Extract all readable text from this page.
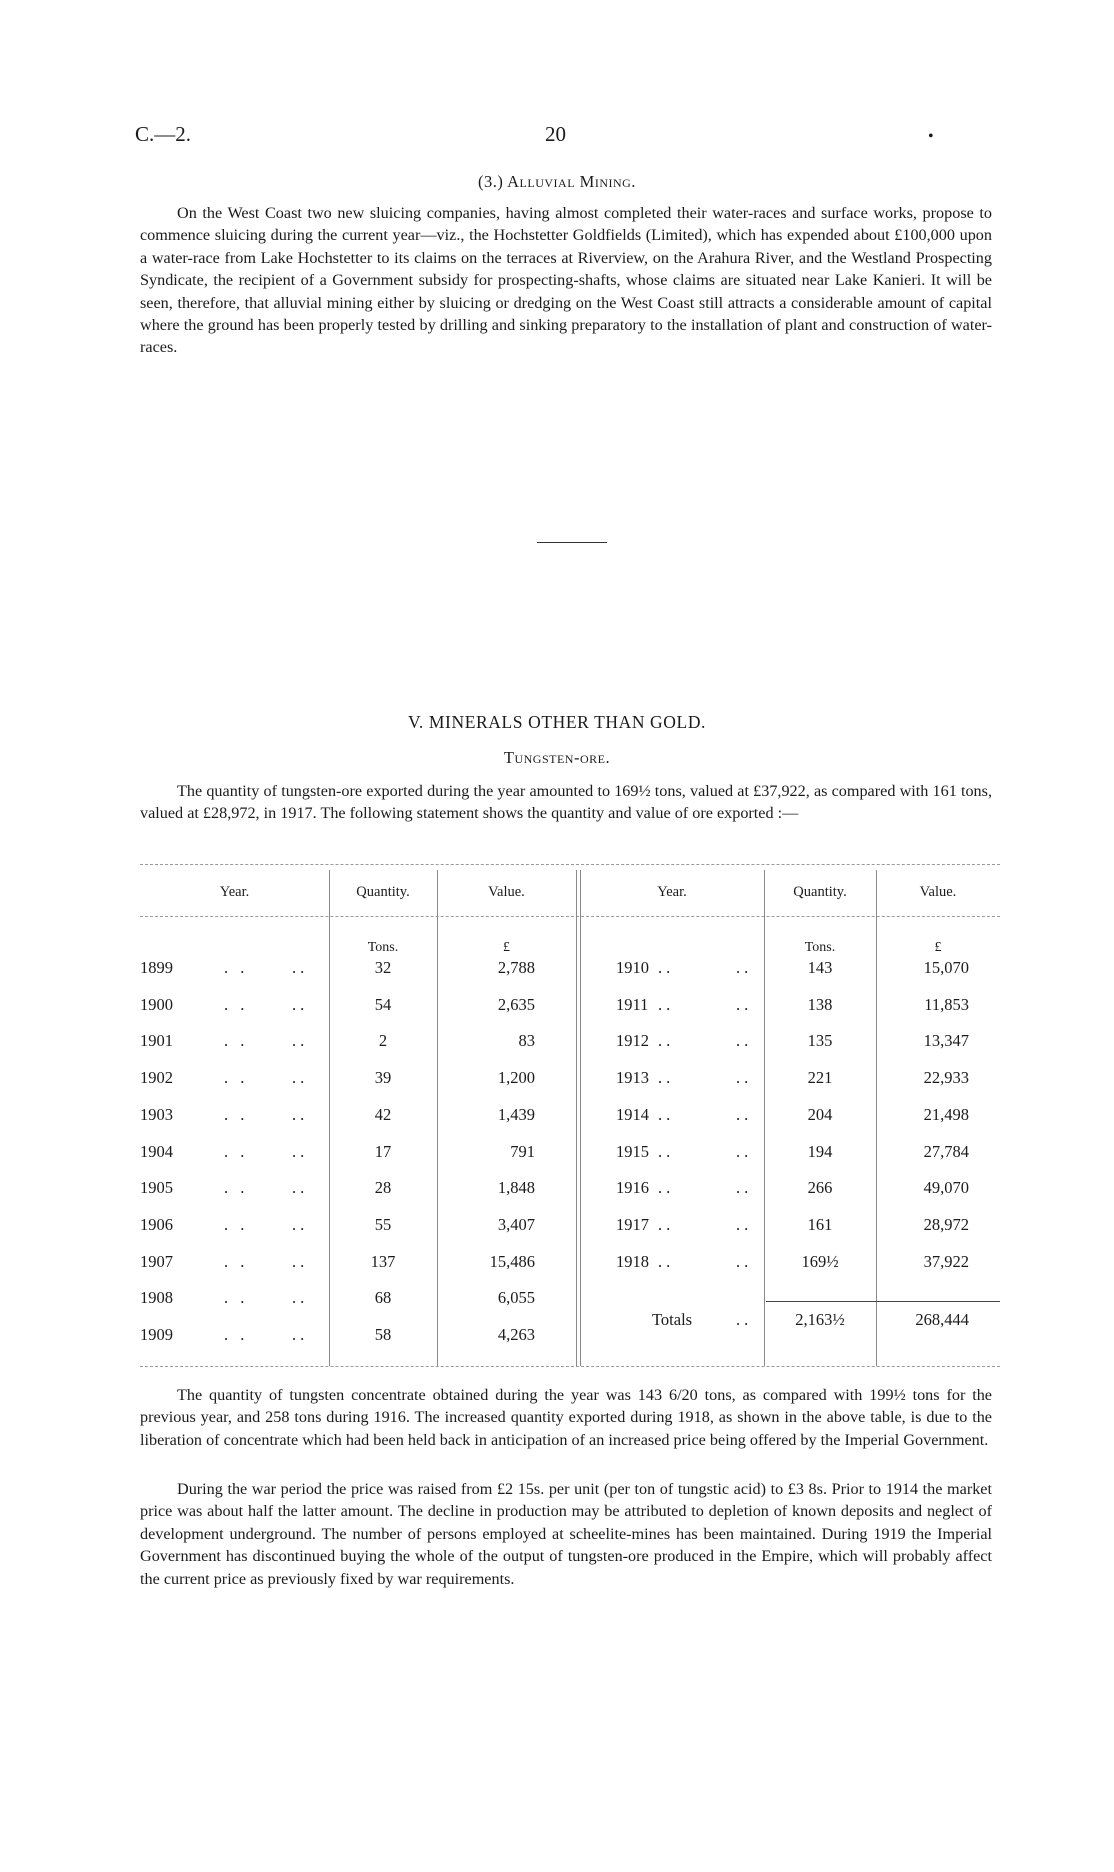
C.—2.	20	•
(3.) Alluvial Mining.

On the West Coast two new sluicing companies, having almost completed their water-races and surface works, propose to commence sluicing during the current year—viz., the Hochstetter Goldfields (Limited), which has expended about £100,000 upon a water-race from Lake Hochstetter to its claims on the terraces at Riverview, on the Arahura River, and the Westland Prospecting Syndicate, the recipient of a Government subsidy for prospecting-shafts, whose claims are situated near Lake Kanieri. It will be seen, therefore, that alluvial mining either by sluicing or dredging on the West Coast still attracts a considerable amount of capital where the ground has been properly tested by drilling and sinking preparatory to the installation of plant and construction of water-races.

V. MINERALS OTHER THAN GOLD.
Tungsten-ore.

The quantity of tungsten-ore exported during the year amounted to 169½ tons, valued at £37,922, as compared with 161 tons, valued at £28,972, in 1917. The following statement shows the quantity and value of ore exported :—

Year.	Quantity.	Value.	Year.	Quantity.	Value.
Tons.	£	Tons.	£
1899	. .	..	32	2,788
1900	. .	..	54	2,635
1901	. .	..	2	83
1902	. .	..	39	1,200
1903	. .	..	42	1,439
1904	. .	..	17	791
1905	. .	..	28	1,848
1906	. .	..	55	3,407
1907	. .	..	137	15,486
1908	. .	..	68	6,055
1909	. .	..	58	4,263
1910 ..	..	143	15,070
1911 ..	..	138	11,853
1912 ..	..	135	13,347
1913 ..	..	221	22,933
1914 ..	..	204	21,498
1915 ..	..	194	27,784
1916 ..	..	266	49,070
1917 ..	..	161	28,972
1918 ..	..	169½	37,922
Totals	..	2,163½	268,444

The quantity of tungsten concentrate obtained during the year was 143 6/20 tons, as compared with 199½ tons for the previous year, and 258 tons during 1916. The increased quantity exported during 1918, as shown in the above table, is due to the liberation of concentrate which had been held back in anticipation of an increased price being offered by the Imperial Government.

During the war period the price was raised from £2 15s. per unit (per ton of tungstic acid) to £3 8s. Prior to 1914 the market price was about half the latter amount. The decline in production may be attributed to depletion of known deposits and neglect of development underground. The number of persons employed at scheelite-mines has been maintained. During 1919 the Imperial Government has discontinued buying the whole of the output of tungsten-ore produced in the Empire, which will probably affect the current price as previously fixed by war requirements.
